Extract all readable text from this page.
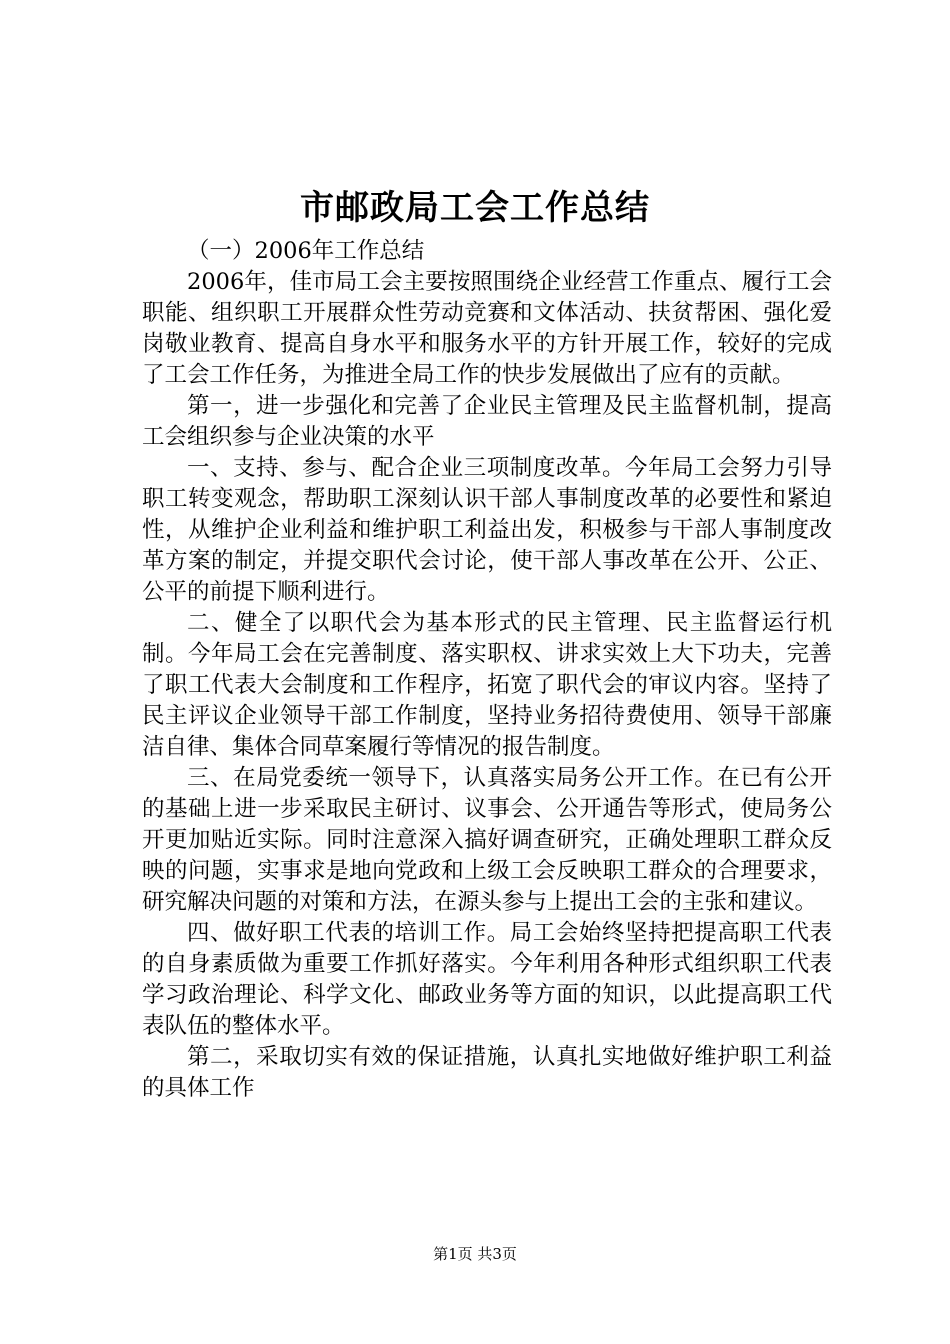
市邮政局工会工作总结

（一）2006年工作总结

2006年，佳市局工会主要按照围绕企业经营工作重点、履行工会职能、组织职工开展群众性劳动竞赛和文体活动、扶贫帮困、强化爱岗敬业教育、提高自身水平和服务水平的方针开展工作，较好的完成了工会工作任务，为推进全局工作的快步发展做出了应有的贡献。

第一，进一步强化和完善了企业民主管理及民主监督机制，提高工会组织参与企业决策的水平

一、支持、参与、配合企业三项制度改革。今年局工会努力引导职工转变观念，帮助职工深刻认识干部人事制度改革的必要性和紧迫性，从维护企业利益和维护职工利益出发，积极参与干部人事制度改革方案的制定，并提交职代会讨论，使干部人事改革在公开、公正、公平的前提下顺利进行。

二、健全了以职代会为基本形式的民主管理、民主监督运行机制。今年局工会在完善制度、落实职权、讲求实效上大下功夫，完善了职工代表大会制度和工作程序，拓宽了职代会的审议内容。坚持了民主评议企业领导干部工作制度，坚持业务招待费使用、领导干部廉洁自律、集体合同草案履行等情况的报告制度。

三、在局党委统一领导下，认真落实局务公开工作。在已有公开的基础上进一步采取民主研讨、议事会、公开通告等形式，使局务公开更加贴近实际。同时注意深入搞好调查研究，正确处理职工群众反映的问题，实事求是地向党政和上级工会反映职工群众的合理要求，研究解决问题的对策和方法，在源头参与上提出工会的主张和建议。

四、做好职工代表的培训工作。局工会始终坚持把提高职工代表的自身素质做为重要工作抓好落实。今年利用各种形式组织职工代表学习政治理论、科学文化、邮政业务等方面的知识，以此提高职工代表队伍的整体水平。

第二，采取切实有效的保证措施，认真扎实地做好维护职工利益的具体工作

第1页 共3页
